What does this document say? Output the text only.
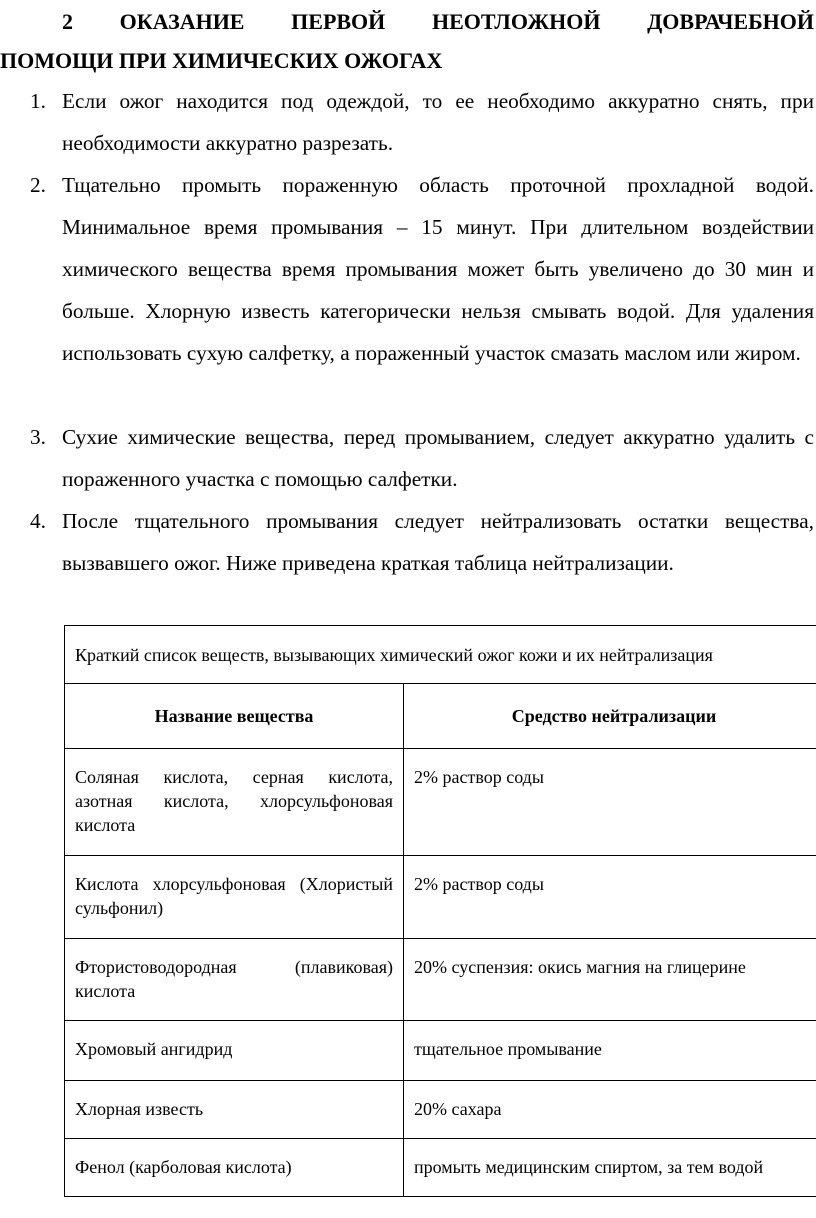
2 ОКАЗАНИЕ ПЕРВОЙ НЕОТЛОЖНОЙ ДОВРАЧЕБНОЙ
ПОМОЩИ ПРИ ХИМИЧЕСКИХ ОЖОГАХ
1. Если ожог находится под одеждой, то ее необходимо аккуратно снять, при необходимости аккуратно разрезать.
2. Тщательно промыть пораженную область проточной прохладной водой. Минимальное время промывания – 15 минут. При длительном воздействии химического вещества время промывания может быть увеличено до 30 мин и больше. Хлорную известь категорически нельзя смывать водой. Для удаления использовать сухую салфетку, а пораженный участок смазать маслом или жиром.
3. Сухие химические вещества, перед промыванием, следует аккуратно удалить с пораженного участка с помощью салфетки.
4. После тщательного промывания следует нейтрализовать остатки вещества, вызвавшего ожог. Ниже приведена краткая таблица нейтрализации.
Краткий список веществ, вызывающих химический ожог кожи и их нейтрализация	
Название вещества	Средство нейтрализации
Соляная кислота, серная кислота, азотная кислота, хлорсульфоновая кислота	2% раствор соды
Кислота хлорсульфоновая (Хлористый сульфонил)	2% раствор соды
Фтористоводородная (плавиковая) кислота	20% суспензия: окись магния на глицерине
Хромовый ангидрид	тщательное промывание
Хлорная известь	20% сахара
Фенол (карболовая кислота)	промыть медицинским спиртом, за тем водой
